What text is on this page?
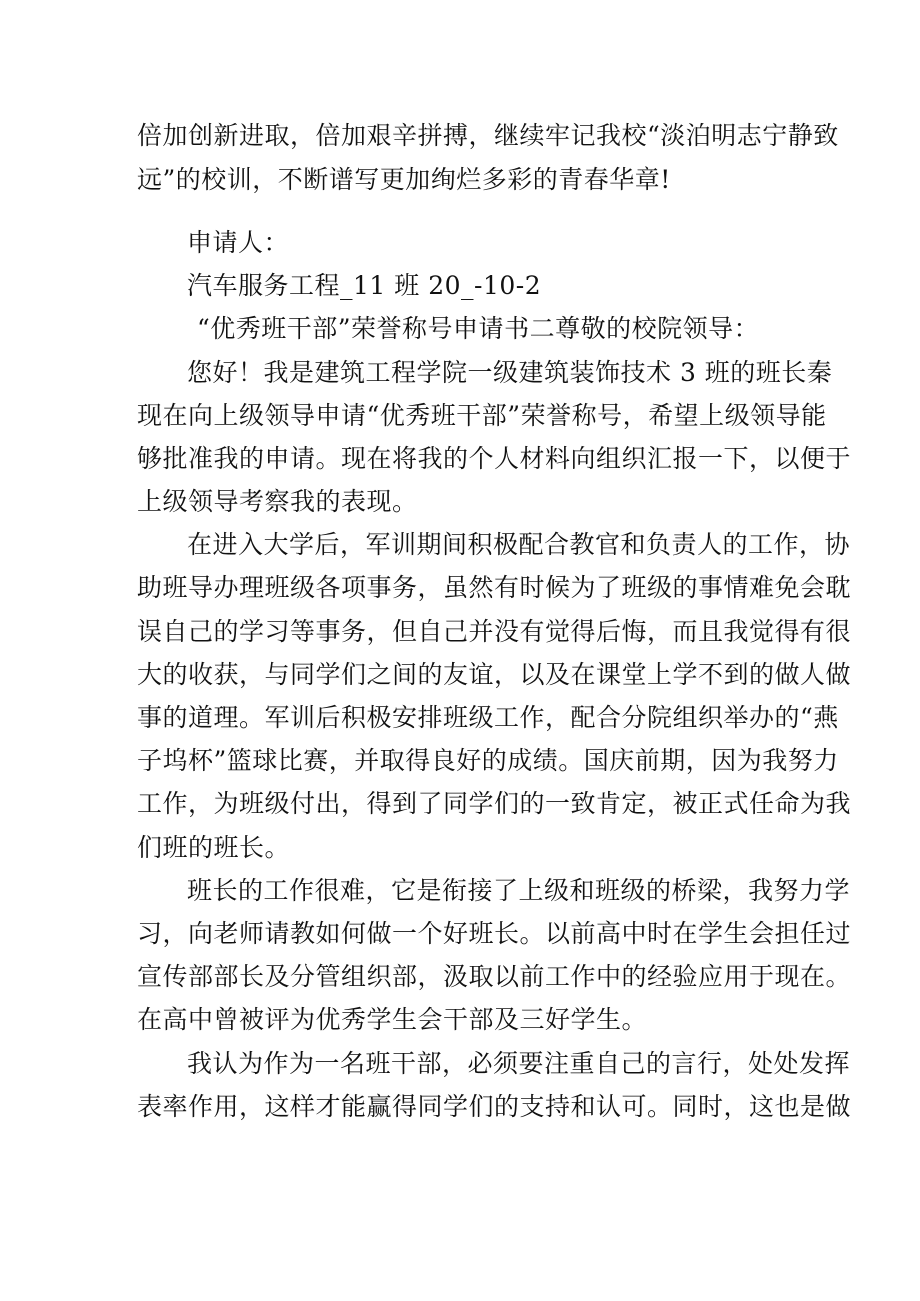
倍加创新进取，倍加艰辛拼搏，继续牢记我校“淡泊明志宁静致
远”的校训，不断谱写更加绚烂多彩的青春华章!
申请人：
汽车服务工程_11 班 20_-10-2
“优秀班干部”荣誉称号申请书二尊敬的校院领导：
您好！我是建筑工程学院一级建筑装饰技术 3 班的班长秦
现在向上级领导申请“优秀班干部”荣誉称号，希望上级领导能
够批准我的申请。现在将我的个人材料向组织汇报一下，以便于
上级领导考察我的表现。
在进入大学后，军训期间积极配合教官和负责人的工作，协
助班导办理班级各项事务，虽然有时候为了班级的事情难免会耽
误自己的学习等事务，但自己并没有觉得后悔，而且我觉得有很
大的收获，与同学们之间的友谊，以及在课堂上学不到的做人做
事的道理。军训后积极安排班级工作，配合分院组织举办的“燕
子坞杯”篮球比赛，并取得良好的成绩。国庆前期，因为我努力
工作，为班级付出，得到了同学们的一致肯定，被正式任命为我
们班的班长。
班长的工作很难，它是衔接了上级和班级的桥梁，我努力学
习，向老师请教如何做一个好班长。以前高中时在学生会担任过
宣传部部长及分管组织部，汲取以前工作中的经验应用于现在。
在高中曾被评为优秀学生会干部及三好学生。
我认为作为一名班干部，必须要注重自己的言行，处处发挥
表率作用，这样才能赢得同学们的支持和认可。同时，这也是做
